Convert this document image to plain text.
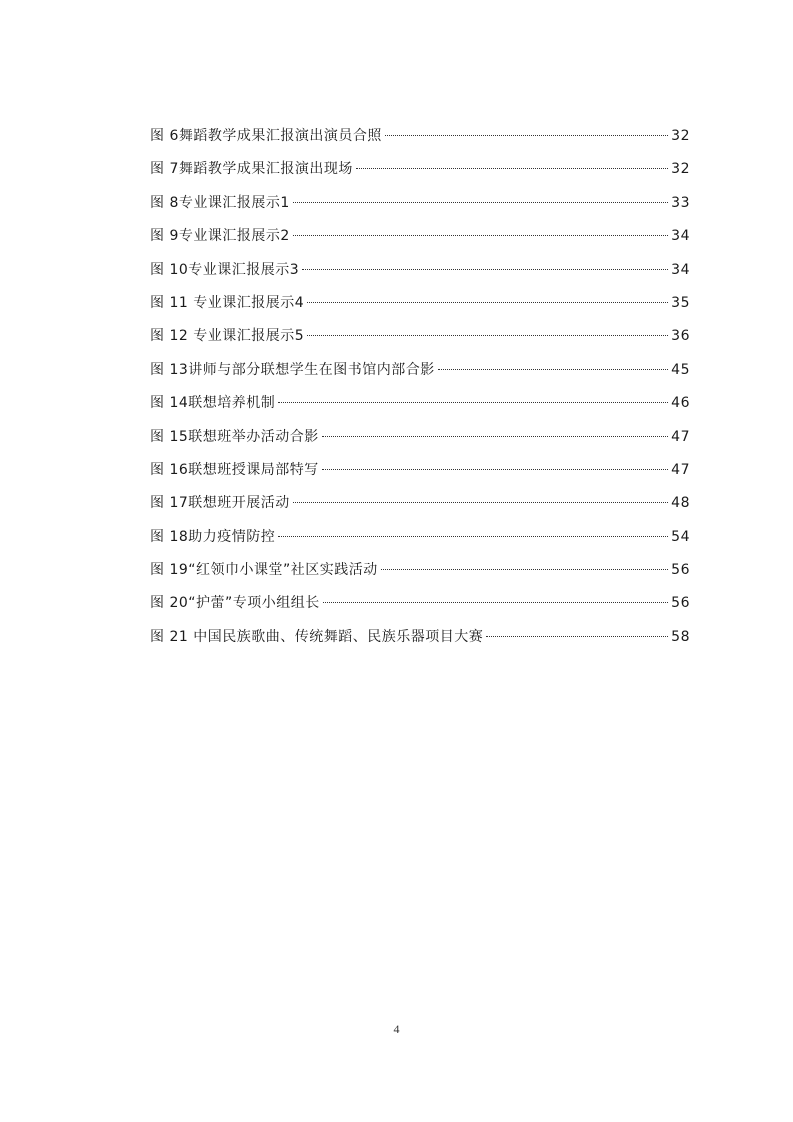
图 6舞蹈教学成果汇报演出演员合照	32
图 7舞蹈教学成果汇报演出现场	32
图 8专业课汇报展示1	33
图 9专业课汇报展示2	34
图 10专业课汇报展示3	34
图 11 专业课汇报展示4	35
图 12 专业课汇报展示5	36
图 13讲师与部分联想学生在图书馆内部合影	45
图 14联想培养机制	46
图 15联想班举办活动合影	47
图 16联想班授课局部特写	47
图 17联想班开展活动	48
图 18助力疫情防控	54
图 19“红领巾小课堂”社区实践活动	56
图 20“护蕾”专项小组组长	56
图 21 中国民族歌曲、传统舞蹈、民族乐器项目大赛	58
4
